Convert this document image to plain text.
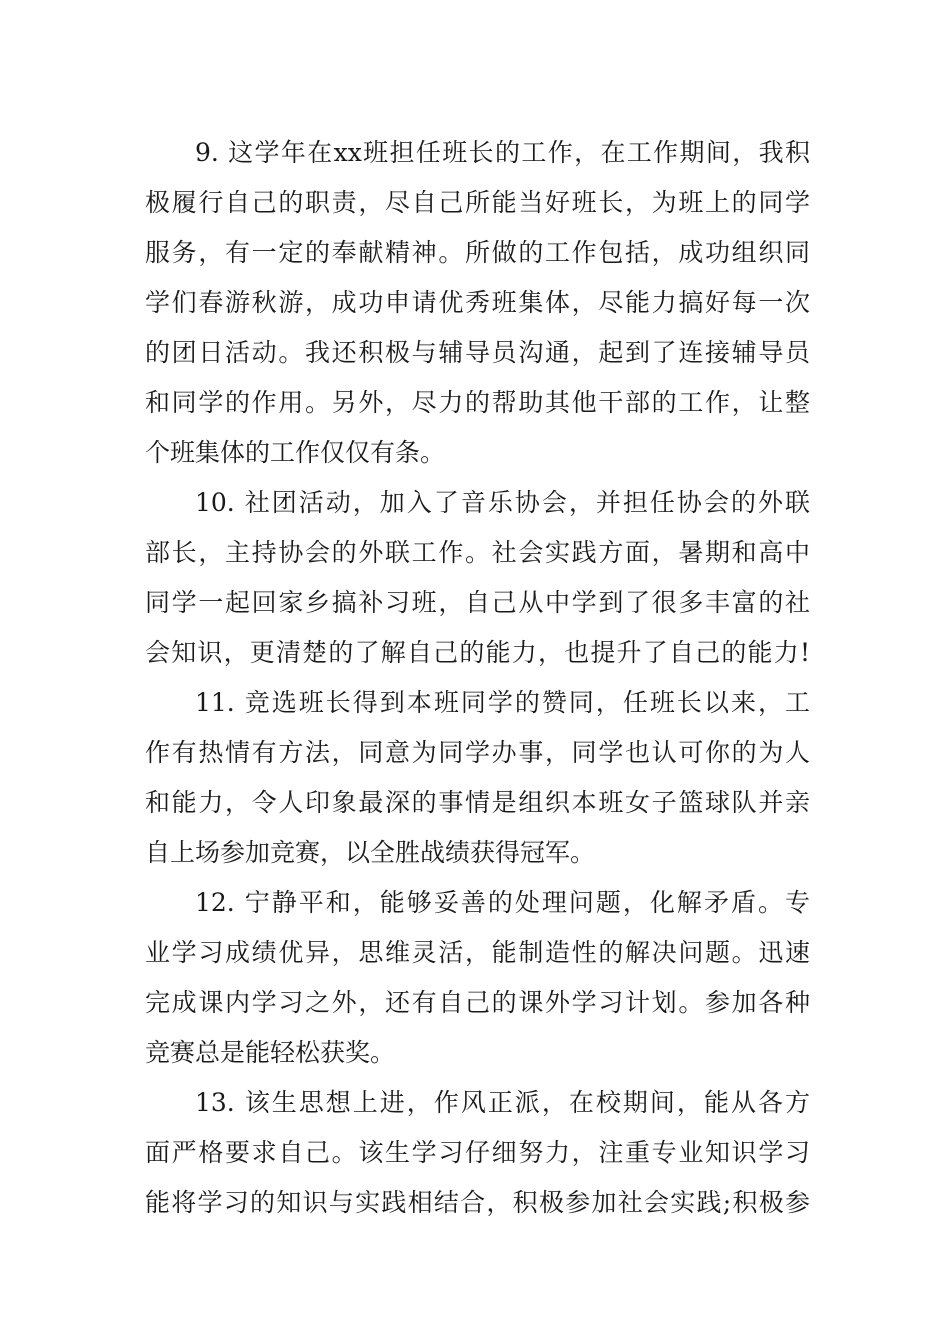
9. 这学年在xx班担任班长的工作，在工作期间，我积
极履行自己的职责，尽自己所能当好班长，为班上的同学
服务，有一定的奉献精神。所做的工作包括，成功组织同
学们春游秋游，成功申请优秀班集体，尽能力搞好每一次
的团日活动。我还积极与辅导员沟通，起到了连接辅导员
和同学的作用。另外，尽力的帮助其他干部的工作，让整
个班集体的工作仅仅有条。
10. 社团活动，加入了音乐协会，并担任协会的外联
部长，主持协会的外联工作。社会实践方面，暑期和高中
同学一起回家乡搞补习班，自己从中学到了很多丰富的社
会知识，更清楚的了解自己的能力，也提升了自己的能力!
11. 竞选班长得到本班同学的赞同，任班长以来，工
作有热情有方法，同意为同学办事，同学也认可你的为人
和能力，令人印象最深的事情是组织本班女子篮球队并亲
自上场参加竞赛，以全胜战绩获得冠军。
12. 宁静平和，能够妥善的处理问题，化解矛盾。专
业学习成绩优异，思维灵活，能制造性的解决问题。迅速
完成课内学习之外，还有自己的课外学习计划。参加各种
竞赛总是能轻松获奖。
13. 该生思想上进，作风正派，在校期间，能从各方
面严格要求自己。该生学习仔细努力，注重专业知识学习
能将学习的知识与实践相结合，积极参加社会实践;积极参
